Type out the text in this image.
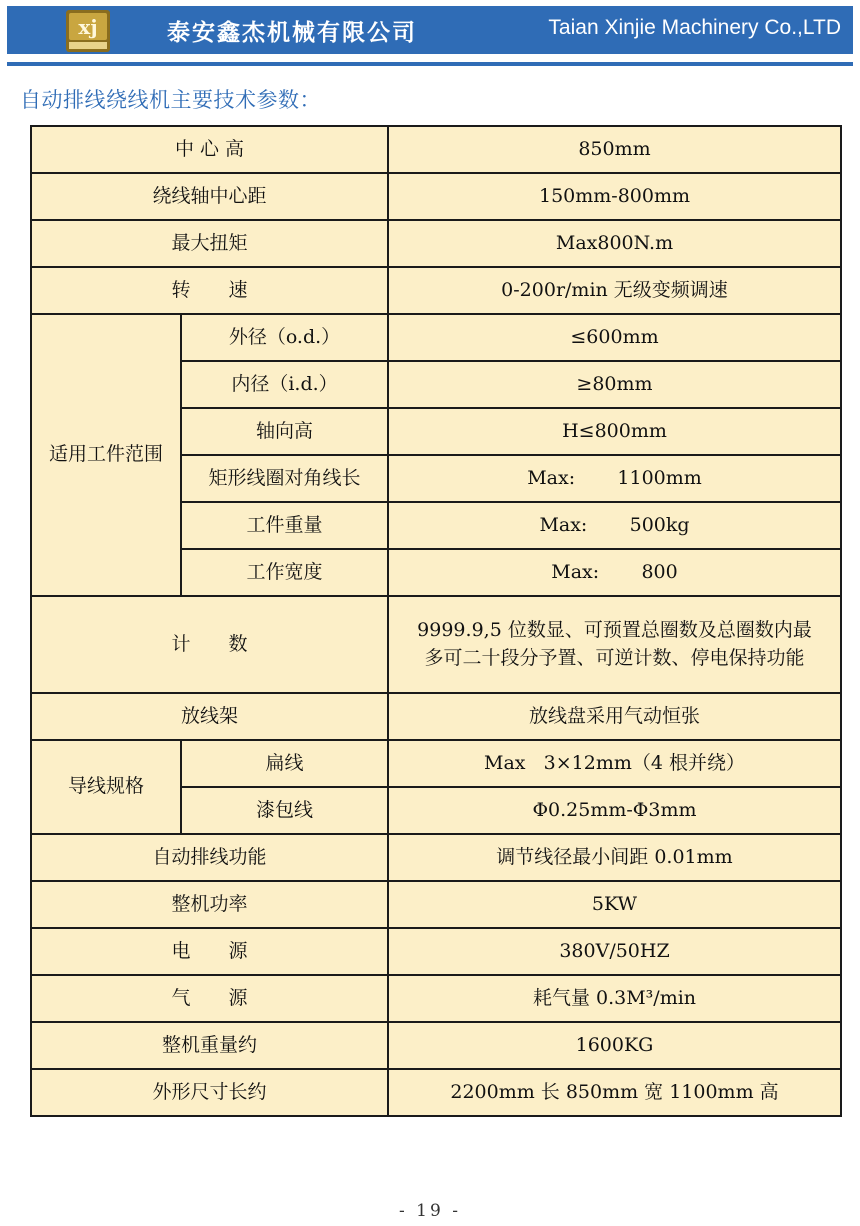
xj	泰安鑫杰机械有限公司	Taian Xinjie Machinery Co.,LTD
自动排线绕线机主要技术参数：
中 心 高		850mm
绕线轴中心距		150mm-800mm
最大扭矩		Max800N.m
转　　速		0-200r/min 无级变频调速
适用工件范围	外径（o.d.）	≤600mm
	内径（i.d.）	≥80mm
	轴向高	H≤800mm
	矩形线圈对角线长	Max:       1100mm
	工件重量	Max:       500kg
	工作宽度	Max:       800
计　　数		9999.9,5 位数显、可预置总圈数及总圈数内最
多可二十段分予置、可逆计数、停电保持功能

放线架		放线盘采用气动恒张
导线规格	扁线	Max   3×12mm（4 根并绕）
	漆包线	Φ0.25mm-Φ3mm
自动排线功能		调节线径最小间距 0.01mm
整机功率		5KW
电　　源		380V/50HZ
气　　源		耗气量 0.3M³/min
整机重量约		1600KG
外形尺寸长约		2200mm 长 850mm 宽 1100mm 高
- 19 -
